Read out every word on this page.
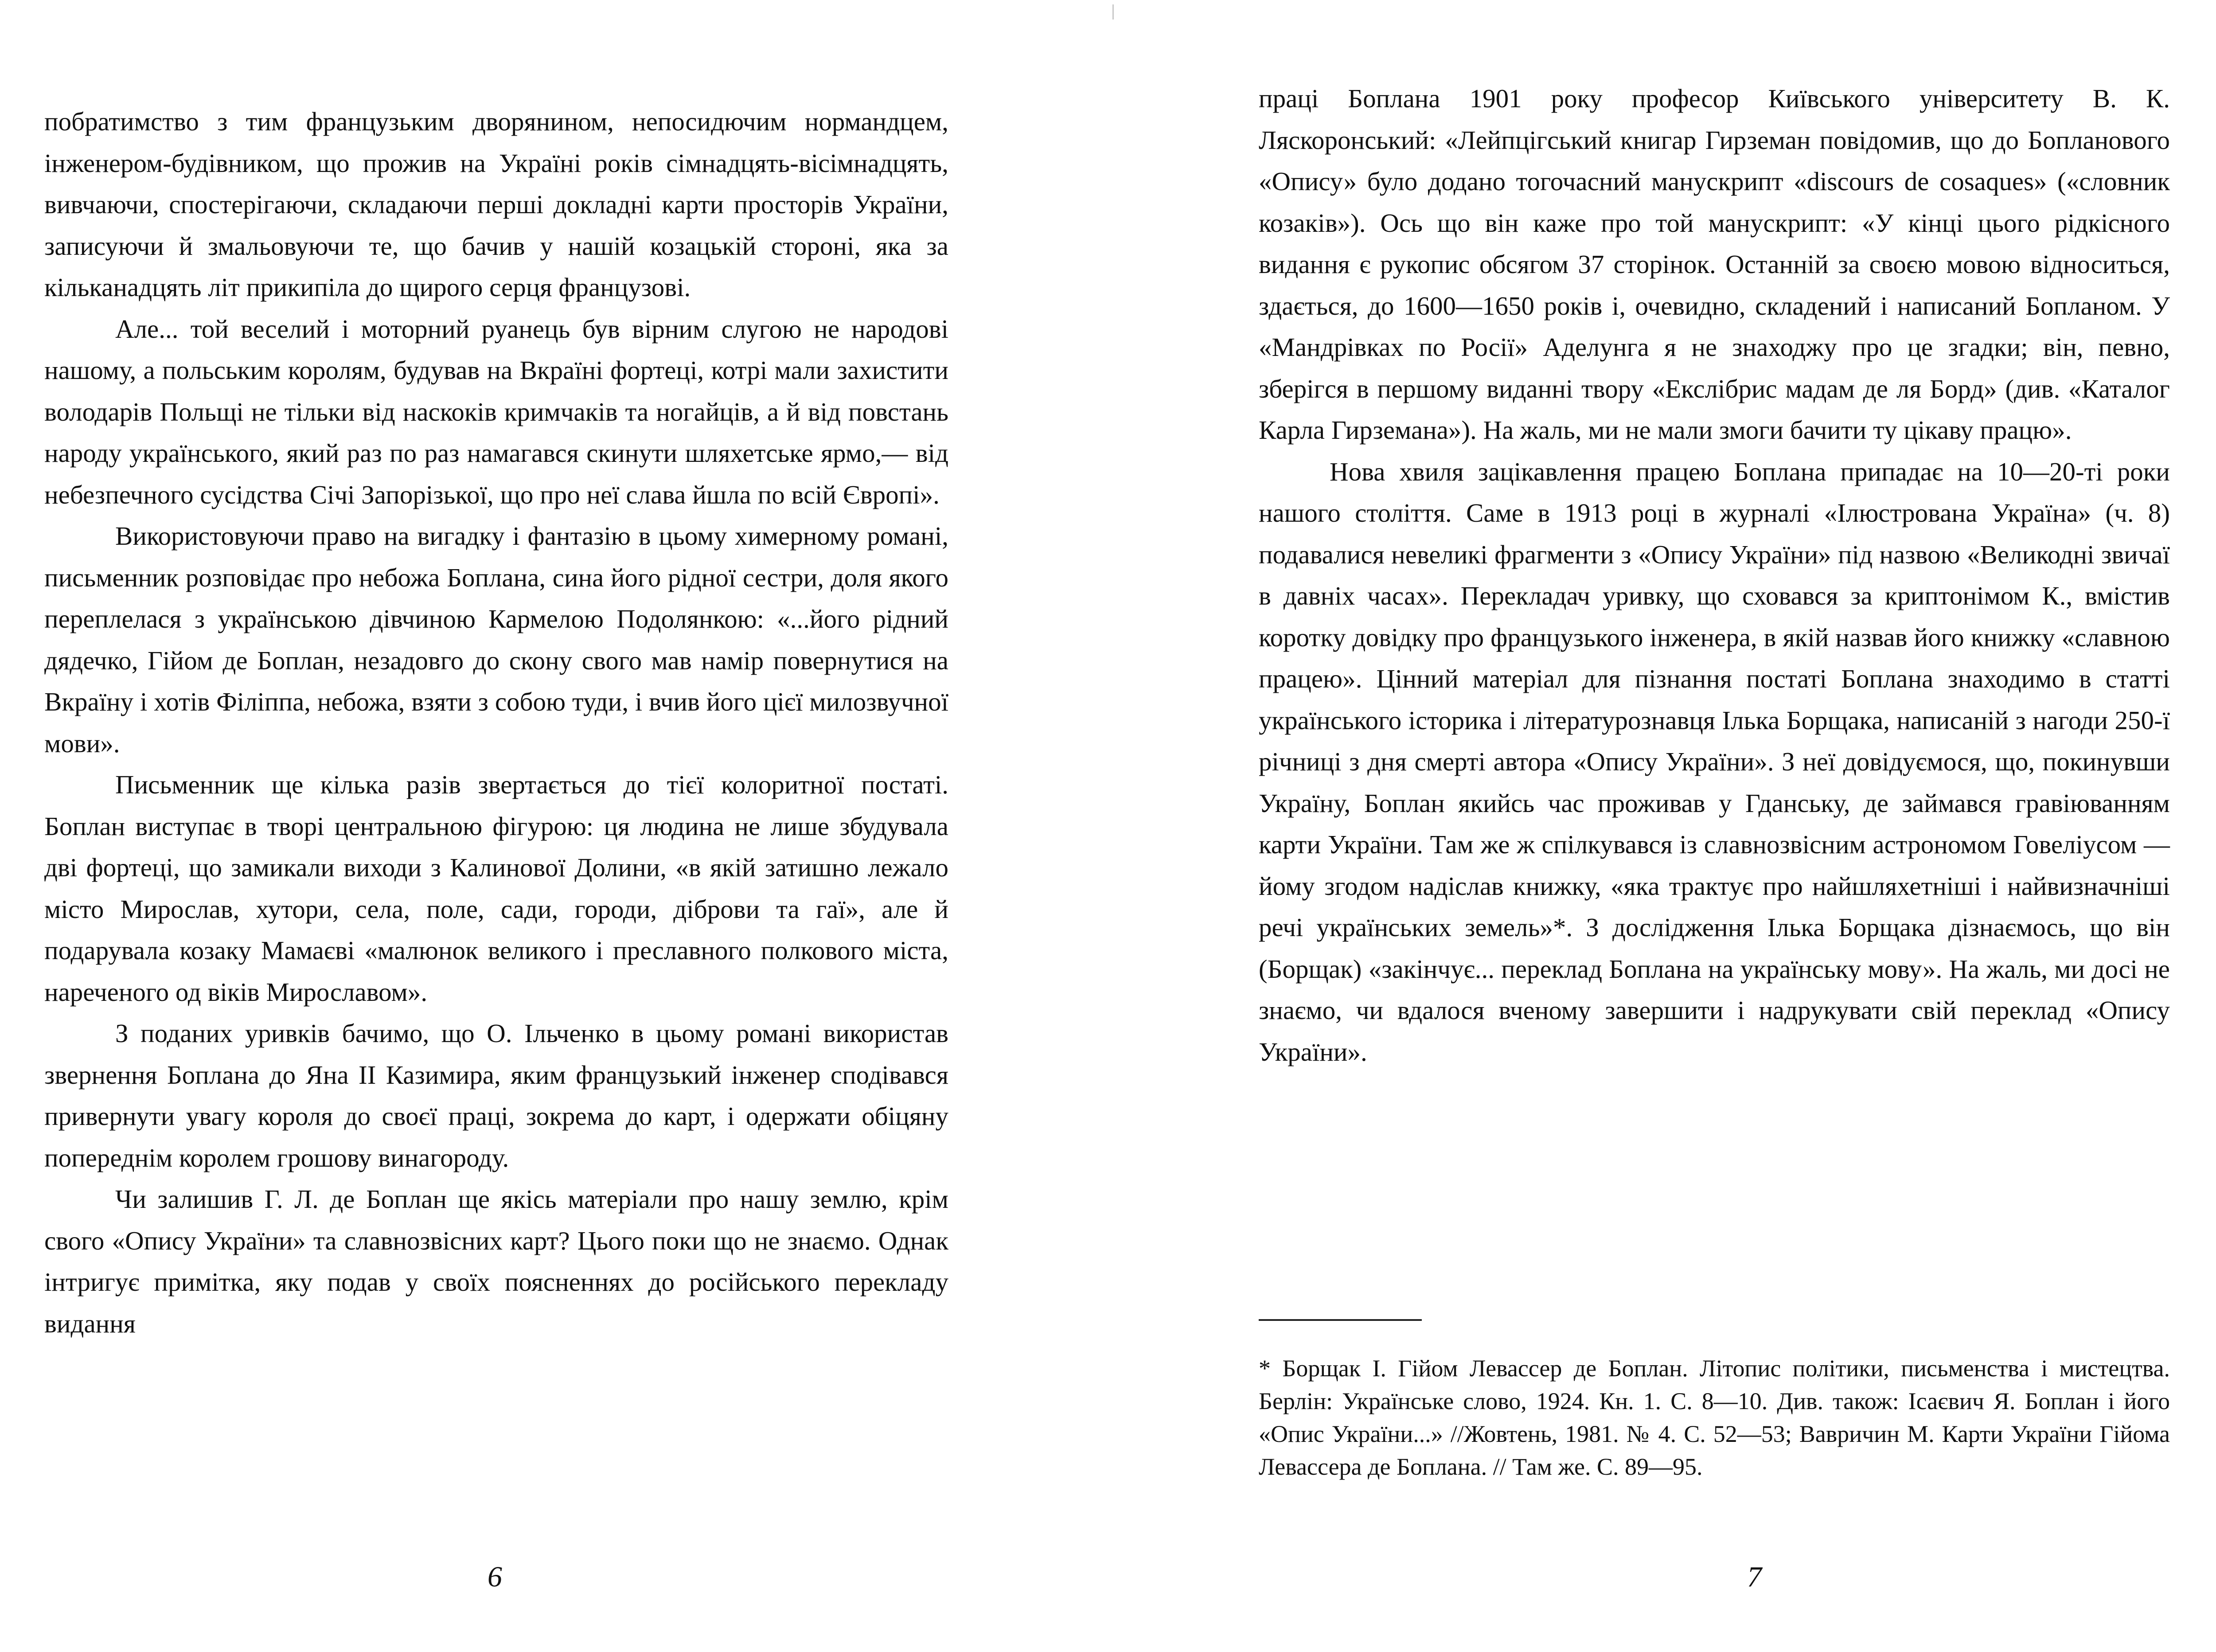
побратимство з тим французьким дворянином, непосидючим нормандцем, інженером-будівником, що прожив на Україні років сімнадцять-вісімнадцять, вивчаючи, спостерігаючи, складаючи перші докладні карти просторів України, записуючи й змальовуючи те, що бачив у нашій козацькій стороні, яка за кільканадцять літ прикипіла до щирого серця французові.

Але... той веселий і моторний руанець був вірним слугою не народові нашому, а польським королям, будував на Вкраїні фортеці, котрі мали захистити володарів Польщі не тільки від наскоків кримчаків та ногайців, а й від повстань народу українського, який раз по раз намагався скинути шляхетське ярмо,— від небезпечного сусідства Січі Запорізької, що про неї слава йшла по всій Європі».

Використовуючи право на вигадку і фантазію в цьому химерному романі, письменник розповідає про небожа Боплана, сина його рідної сестри, доля якого переплелася з українською дівчиною Кармелою Подолянкою: «...його рідний дядечко, Гійом де Боплан, незадовго до скону свого мав намір повернутися на Вкраїну і хотів Філіппа, небожа, взяти з собою туди, і вчив його цієї милозвучної мови».

Письменник ще кілька разів звертається до тієї колоритної постаті. Боплан виступає в творі центральною фігурою: ця людина не лише збудувала дві фортеці, що замикали виходи з Калинової Долини, «в якій затишно лежало місто Мирослав, хутори, села, поле, сади, городи, діброви та гаї», але й подарувала козаку Мамаєві «малюнок великого і преславного полкового міста, нареченого од віків Мирославом».

З поданих уривків бачимо, що О. Ільченко в цьому романі використав звернення Боплана до Яна II Казимира, яким французький інженер сподівався привернути увагу короля до своєї праці, зокрема до карт, і одержати обіцяну попереднім королем грошову винагороду.

Чи залишив Г. Л. де Боплан ще якісь матеріали про нашу землю, крім свого «Опису України» та славнозвісних карт? Цього поки що не знаємо. Однак інтригує примітка, яку подав у своїх поясненнях до російського перекладу видання

6

праці Боплана 1901 року професор Київського університету В. К. Ляскоронський: «Лейпцігський книгар Гирземан повідомив, що до Бопланового «Опису» було додано тогочасний манускрипт «discours de cosaques» («словник козаків»). Ось що він каже про той манускрипт: «У кінці цього рідкісного видання є рукопис обсягом 37 сторінок. Останній за своєю мовою відноситься, здається, до 1600—1650 років і, очевидно, складений і написаний Бопланом. У «Мандрівках по Росії» Аделунга я не знаходжу про це згадки; він, певно, зберігся в першому виданні твору «Екслібрис мадам де ля Борд» (див. «Каталог Карла Гирземана»). На жаль, ми не мали змоги бачити ту цікаву працю».

Нова хвиля зацікавлення працею Боплана припадає на 10—20-ті роки нашого століття. Саме в 1913 році в журналі «Ілюстрована Україна» (ч. 8) подавалися невеликі фрагменти з «Опису України» під назвою «Великодні звичаї в давніх часах». Перекладач уривку, що сховався за криптонімом К., вмістив коротку довідку про французького інженера, в якій назвав його книжку «славною працею». Цінний матеріал для пізнання постаті Боплана знаходимо в статті українського історика і літературознавця Ілька Борщака, написаній з нагоди 250-ї річниці з дня смерті автора «Опису України». З неї довідуємося, що, покинувши Україну, Боплан якийсь час проживав у Гданську, де займався гравіюванням карти України. Там же ж спілкувався із славнозвісним астрономом Говеліусом — йому згодом надіслав книжку, «яка трактує про найшляхетніші і найвизначніші речі українських земель»*. З дослідження Ілька Борщака дізнаємось, що він (Борщак) «закінчує... переклад Боплана на українську мову». На жаль, ми досі не знаємо, чи вдалося вченому завершити і надрукувати свій переклад «Опису України».

* Борщак І. Гійом Левассер де Боплан. Літопис політики, письменства і мистецтва. Берлін: Українське слово, 1924. Кн. 1. С. 8—10. Див. також: Ісаєвич Я. Боплан і його «Опис України...» //Жовтень, 1981. № 4. С. 52—53; Вавричин М. Карти України Гійома Левассера де Боплана. // Там же. С. 89—95.
7
